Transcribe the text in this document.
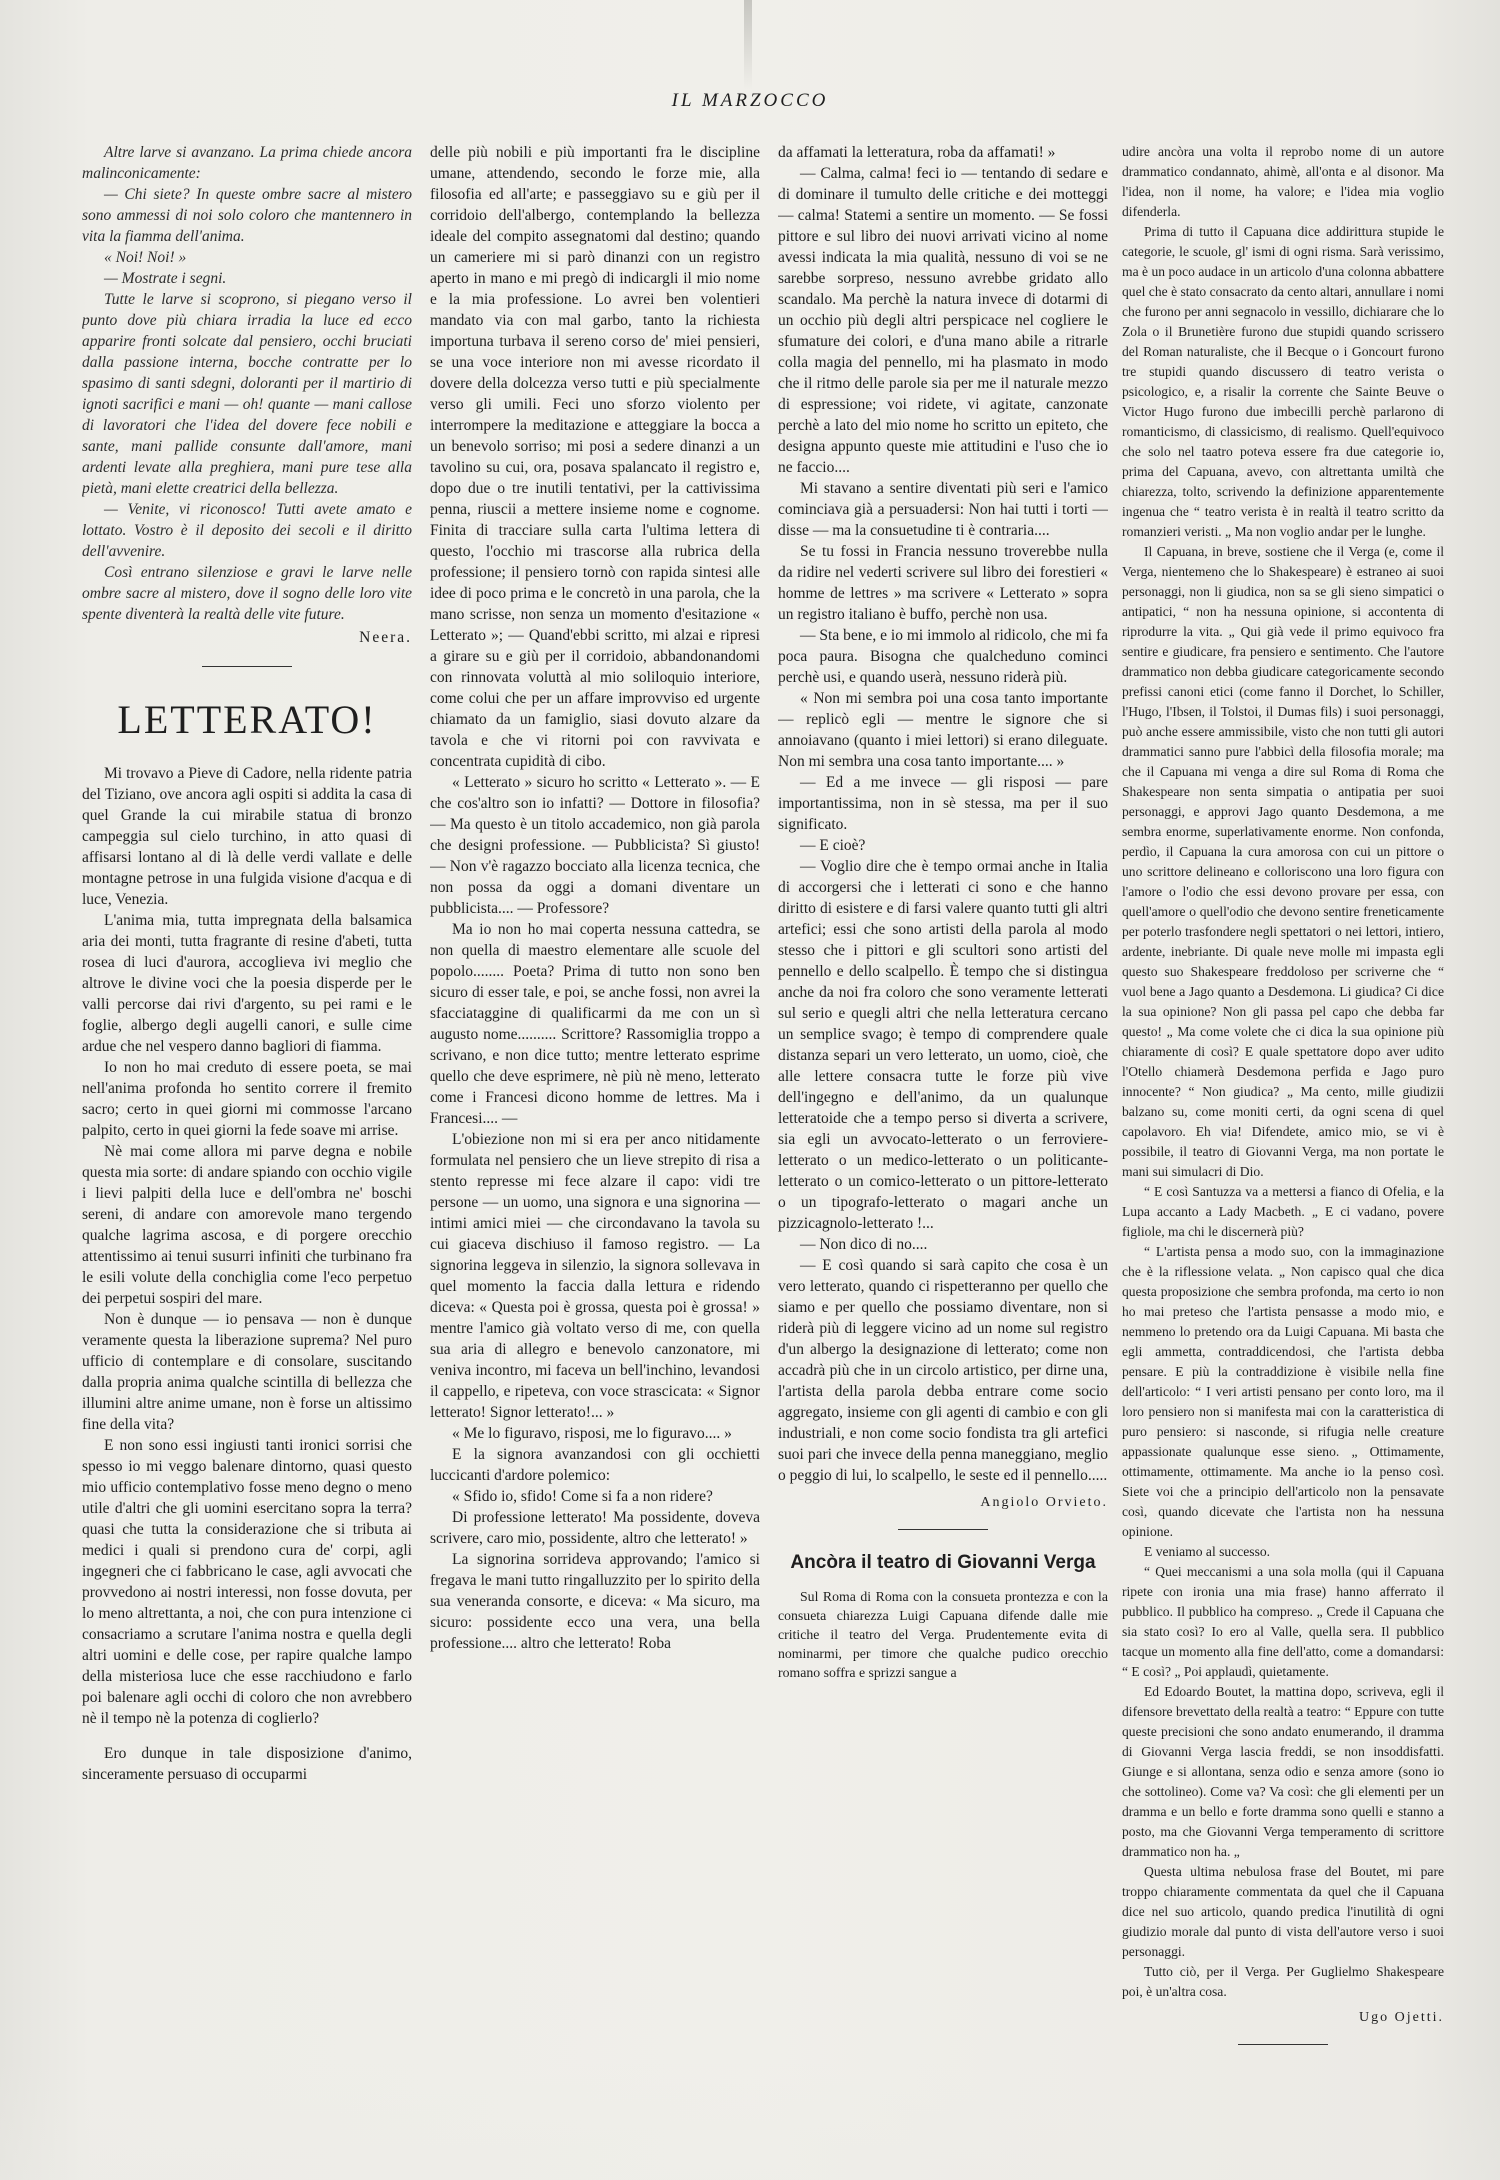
IL MARZOCCO

Altre larve si avanzano. La prima chiede ancora malinconicamente:

— Chi siete? In queste ombre sacre al mistero sono ammessi di noi solo coloro che mantennero in vita la fiamma dell'anima.

« Noi! Noi! »

— Mostrate i segni.

Tutte le larve si scoprono, si piegano verso il punto dove più chiara irradia la luce ed ecco apparire fronti solcate dal pensiero, occhi bruciati dalla passione interna, bocche contratte per lo spasimo di santi sdegni, doloranti per il martirio di ignoti sacrifici e mani — oh! quante — mani callose di lavoratori che l'idea del dovere fece nobili e sante, mani pallide consunte dall'amore, mani ardenti levate alla preghiera, mani pure tese alla pietà, mani elette creatrici della bellezza.

— Venite, vi riconosco! Tutti avete amato e lottato. Vostro è il deposito dei secoli e il diritto dell'avvenire.

Così entrano silenziose e gravi le larve nelle ombre sacre al mistero, dove il sogno delle loro vite spente diventerà la realtà delle vite future.

Neera.
LETTERATO!

Mi trovavo a Pieve di Cadore, nella ridente patria del Tiziano, ove ancora agli ospiti si addita la casa di quel Grande la cui mirabile statua di bronzo campeggia sul cielo turchino, in atto quasi di affisarsi lontano al di là delle verdi vallate e delle montagne petrose in una fulgida visione d'acqua e di luce, Venezia.

L'anima mia, tutta impregnata della balsamica aria dei monti, tutta fragrante di resine d'abeti, tutta rosea di luci d'aurora, accoglieva ivi meglio che altrove le divine voci che la poesia disperde per le valli percorse dai rivi d'argento, su pei rami e le foglie, albergo degli augelli canori, e sulle cime ardue che nel vespero danno bagliori di fiamma.

Io non ho mai creduto di essere poeta, se mai nell'anima profonda ho sentito correre il fremito sacro; certo in quei giorni mi commosse l'arcano palpito, certo in quei giorni la fede soave mi arrise.

Nè mai come allora mi parve degna e nobile questa mia sorte: di andare spiando con occhio vigile i lievi palpiti della luce e dell'ombra ne' boschi sereni, di andare con amorevole mano tergendo qualche lagrima ascosa, e di porgere orecchio attentissimo ai tenui susurri infiniti che turbinano fra le esili volute della conchiglia come l'eco perpetuo dei perpetui sospiri del mare.

Non è dunque — io pensava — non è dunque veramente questa la liberazione suprema? Nel puro ufficio di contemplare e di consolare, suscitando dalla propria anima qualche scintilla di bellezza che illumini altre anime umane, non è forse un altissimo fine della vita?

E non sono essi ingiusti tanti ironici sorrisi che spesso io mi veggo balenare dintorno, quasi questo mio ufficio contemplativo fosse meno degno o meno utile d'altri che gli uomini esercitano sopra la terra? quasi che tutta la considerazione che si tributa ai medici i quali si prendono cura de' corpi, agli ingegneri che ci fabbricano le case, agli avvocati che provvedono ai nostri interessi, non fosse dovuta, per lo meno altrettanta, a noi, che con pura intenzione ci consacriamo a scrutare l'anima nostra e quella degli altri uomini e delle cose, per rapire qualche lampo della misteriosa luce che esse racchiudono e farlo poi balenare agli occhi di coloro che non avrebbero nè il tempo nè la potenza di coglierlo?

Ero dunque in tale disposizione d'animo, sinceramente persuaso di occuparmi

delle più nobili e più importanti fra le discipline umane, attendendo, secondo le forze mie, alla filosofia ed all'arte; e passeggiavo su e giù per il corridoio dell'albergo, contemplando la bellezza ideale del compito assegnatomi dal destino; quando un cameriere mi si parò dinanzi con un registro aperto in mano e mi pregò di indicargli il mio nome e la mia professione. Lo avrei ben volentieri mandato via con mal garbo, tanto la richiesta importuna turbava il sereno corso de' miei pensieri, se una voce interiore non mi avesse ricordato il dovere della dolcezza verso tutti e più specialmente verso gli umili. Feci uno sforzo violento per interrompere la meditazione e atteggiare la bocca a un benevolo sorriso; mi posi a sedere dinanzi a un tavolino su cui, ora, posava spalancato il registro e, dopo due o tre inutili tentativi, per la cattivissima penna, riuscii a mettere insieme nome e cognome. Finita di tracciare sulla carta l'ultima lettera di questo, l'occhio mi trascorse alla rubrica della professione; il pensiero tornò con rapida sintesi alle idee di poco prima e le concretò in una parola, che la mano scrisse, non senza un momento d'esitazione « Letterato »; — Quand'ebbi scritto, mi alzai e ripresi a girare su e giù per il corridoio, abbandonandomi con rinnovata voluttà al mio soliloquio interiore, come colui che per un affare improvviso ed urgente chiamato da un famiglio, siasi dovuto alzare da tavola e che vi ritorni poi con ravvivata e concentrata cupidità di cibo.

« Letterato » sicuro ho scritto « Letterato ». — E che cos'altro son io infatti? — Dottore in filosofia? — Ma questo è un titolo accademico, non già parola che designi professione. — Pubblicista? Sì giusto! — Non v'è ragazzo bocciato alla licenza tecnica, che non possa da oggi a domani diventare un pubblicista.... — Professore?

Ma io non ho mai coperta nessuna cattedra, se non quella di maestro elementare alle scuole del popolo........ Poeta? Prima di tutto non sono ben sicuro di esser tale, e poi, se anche fossi, non avrei la sfacciataggine di qualificarmi da me con un sì augusto nome.......... Scrittore? Rassomiglia troppo a scrivano, e non dice tutto; mentre letterato esprime quello che deve esprimere, nè più nè meno, letterato come i Francesi dicono homme de lettres. Ma i Francesi.... —

L'obiezione non mi si era per anco nitidamente formulata nel pensiero che un lieve strepito di risa a stento represse mi fece alzare il capo: vidi tre persone — un uomo, una signora e una signorina — intimi amici miei — che circondavano la tavola su cui giaceva dischiuso il famoso registro. — La signorina leggeva in silenzio, la signora sollevava in quel momento la faccia dalla lettura e ridendo diceva: « Questa poi è grossa, questa poi è grossa! » mentre l'amico già voltato verso di me, con quella sua aria di allegro e benevolo canzonatore, mi veniva incontro, mi faceva un bell'inchino, levandosi il cappello, e ripeteva, con voce strascicata: « Signor letterato! Signor letterato!... »

« Me lo figuravo, risposi, me lo figuravo.... »

E la signora avanzandosi con gli occhietti luccicanti d'ardore polemico:

« Sfido io, sfido! Come si fa a non ridere?

Di professione letterato! Ma possidente, doveva scrivere, caro mio, possidente, altro che letterato! »

La signorina sorrideva approvando; l'amico si fregava le mani tutto ringalluzzito per lo spirito della sua veneranda consorte, e diceva: « Ma sicuro, ma sicuro: possidente ecco una vera, una bella professione.... altro che letterato! Roba

da affamati la letteratura, roba da affamati! »

— Calma, calma! feci io — tentando di sedare e di dominare il tumulto delle critiche e dei motteggi — calma! Statemi a sentire un momento. — Se fossi pittore e sul libro dei nuovi arrivati vicino al nome avessi indicata la mia qualità, nessuno di voi se ne sarebbe sorpreso, nessuno avrebbe gridato allo scandalo. Ma perchè la natura invece di dotarmi di un occhio più degli altri perspicace nel cogliere le sfumature dei colori, e d'una mano abile a ritrarle colla magia del pennello, mi ha plasmato in modo che il ritmo delle parole sia per me il naturale mezzo di espressione; voi ridete, vi agitate, canzonate perchè a lato del mio nome ho scritto un epiteto, che designa appunto queste mie attitudini e l'uso che io ne faccio....

Mi stavano a sentire diventati più seri e l'amico cominciava già a persuadersi: Non hai tutti i torti — disse — ma la consuetudine ti è contraria....

Se tu fossi in Francia nessuno troverebbe nulla da ridire nel vederti scrivere sul libro dei forestieri « homme de lettres » ma scrivere « Letterato » sopra un registro italiano è buffo, perchè non usa.

— Sta bene, e io mi immolo al ridicolo, che mi fa poca paura. Bisogna che qualcheduno cominci perchè usi, e quando userà, nessuno riderà più.

« Non mi sembra poi una cosa tanto importante — replicò egli — mentre le signore che si annoiavano (quanto i miei lettori) si erano dileguate. Non mi sembra una cosa tanto importante.... »

— Ed a me invece — gli risposi — pare importantissima, non in sè stessa, ma per il suo significato.

— E cioè?

— Voglio dire che è tempo ormai anche in Italia di accorgersi che i letterati ci sono e che hanno diritto di esistere e di farsi valere quanto tutti gli altri artefici; essi che sono artisti della parola al modo stesso che i pittori e gli scultori sono artisti del pennello e dello scalpello. È tempo che si distingua anche da noi fra coloro che sono veramente letterati sul serio e quegli altri che nella letteratura cercano un semplice svago; è tempo di comprendere quale distanza separi un vero letterato, un uomo, cioè, che alle lettere consacra tutte le forze più vive dell'ingegno e dell'animo, da un qualunque letteratoide che a tempo perso si diverta a scrivere, sia egli un avvocato-letterato o un ferroviere-letterato o un medico-letterato o un politicante-letterato o un comico-letterato o un pittore-letterato o un tipografo-letterato o magari anche un pizzicagnolo-letterato !...

— Non dico di no....

— E così quando si sarà capito che cosa è un vero letterato, quando ci rispetteranno per quello che siamo e per quello che possiamo diventare, non si riderà più di leggere vicino ad un nome sul registro d'un albergo la designazione di letterato; come non accadrà più che in un circolo artistico, per dirne una, l'artista della parola debba entrare come socio aggregato, insieme con gli agenti di cambio e con gli industriali, e non come socio fondista tra gli artefici suoi pari che invece della penna maneggiano, meglio o peggio di lui, lo scalpello, le seste ed il pennello.....

Angiolo Orvieto.
Ancòra il teatro di Giovanni Verga

Sul Roma di Roma con la consueta prontezza e con la consueta chiarezza Luigi Capuana difende dalle mie critiche il teatro del Verga. Prudentemente evita di nominarmi, per timore che qualche pudico orecchio romano soffra e sprizzi sangue a

udire ancòra una volta il reprobo nome di un autore drammatico condannato, ahimè, all'onta e al disonor. Ma l'idea, non il nome, ha valore; e l'idea mia voglio difenderla.

Prima di tutto il Capuana dice addirittura stupide le categorie, le scuole, gl' ismi di ogni risma. Sarà verissimo, ma è un poco audace in un articolo d'una colonna abbattere quel che è stato consacrato da cento altari, annullare i nomi che furono per anni segnacolo in vessillo, dichiarare che lo Zola o il Brunetière furono due stupidi quando scrissero del Roman naturaliste, che il Becque o i Goncourt furono tre stupidi quando discussero di teatro verista o psicologico, e, a risalir la corrente che Sainte Beuve o Victor Hugo furono due imbecilli perchè parlarono di romanticismo, di classicismo, di realismo. Quell'equivoco che solo nel taatro poteva essere fra due categorie io, prima del Capuana, avevo, con altrettanta umiltà che chiarezza, tolto, scrivendo la definizione apparentemente ingenua che “ teatro verista è in realtà il teatro scritto da romanzieri veristi. „ Ma non voglio andar per le lunghe.

Il Capuana, in breve, sostiene che il Verga (e, come il Verga, nientemeno che lo Shakespeare) è estraneo ai suoi personaggi, non li giudica, non sa se gli sieno simpatici o antipatici, “ non ha nessuna opinione, si accontenta di riprodurre la vita. „ Qui già vede il primo equivoco fra sentire e giudicare, fra pensiero e sentimento. Che l'autore drammatico non debba giudicare categoricamente secondo prefissi canoni etici (come fanno il Dorchet, lo Schiller, l'Hugo, l'Ibsen, il Tolstoi, il Dumas fils) i suoi personaggi, può anche essere ammissibile, visto che non tutti gli autori drammatici sanno pure l'abbicì della filosofia morale; ma che il Capuana mi venga a dire sul Roma di Roma che Shakespeare non senta simpatia o antipatia per suoi personaggi, e approvi Jago quanto Desdemona, a me sembra enorme, superlativamente enorme. Non confonda, perdìo, il Capuana la cura amorosa con cui un pittore o uno scrittore delineano e colloriscono una loro figura con l'amore o l'odio che essi devono provare per essa, con quell'amore o quell'odio che devono sentire freneticamente per poterlo trasfondere negli spettatori o nei lettori, intiero, ardente, inebriante. Di quale neve molle mi impasta egli questo suo Shakespeare freddoloso per scriverne che “ vuol bene a Jago quanto a Desdemona. Li giudica? Ci dice la sua opinione? Non gli passa pel capo che debba far questo! „ Ma come volete che ci dica la sua opinione più chiaramente di così? E quale spettatore dopo aver udito l'Otello chiamerà Desdemona perfida e Jago puro innocente? “ Non giudica? „ Ma cento, mille giudizii balzano su, come moniti certi, da ogni scena di quel capolavoro. Eh via! Difendete, amico mio, se vi è possibile, il teatro di Giovanni Verga, ma non portate le mani sui simulacri di Dio.

“ E così Santuzza va a mettersi a fianco di Ofelia, e la Lupa accanto a Lady Macbeth. „ E ci vadano, povere figliole, ma chi le discernerà più?

“ L'artista pensa a modo suo, con la immaginazione che è la riflessione velata. „ Non capisco qual che dica questa proposizione che sembra profonda, ma certo io non ho mai preteso che l'artista pensasse a modo mio, e nemmeno lo pretendo ora da Luigi Capuana. Mi basta che egli ammetta, contraddicendosi, che l'artista debba pensare. E più la contraddizione è visibile nella fine dell'articolo: “ I veri artisti pensano per conto loro, ma il loro pensiero non si manifesta mai con la caratteristica di puro pensiero: si nasconde, si rifugia nelle creature appassionate qualunque esse sieno. „ Ottimamente, ottimamente, ottimamente. Ma anche io la penso così. Siete voi che a principio dell'articolo non la pensavate così, quando dicevate che l'artista non ha nessuna opinione.

E veniamo al successo.

“ Quei meccanismi a una sola molla (qui il Capuana ripete con ironia una mia frase) hanno afferrato il pubblico. Il pubblico ha compreso. „ Crede il Capuana che sia stato così? Io ero al Valle, quella sera. Il pubblico tacque un momento alla fine dell'atto, come a domandarsi: “ E così? „ Poi applaudì, quietamente.

Ed Edoardo Boutet, la mattina dopo, scriveva, egli il difensore brevettato della realtà a teatro: “ Eppure con tutte queste precisioni che sono andato enumerando, il dramma di Giovanni Verga lascia freddi, se non insoddisfatti. Giunge e si allontana, senza odio e senza amore (sono io che sottolineo). Come va? Va così: che gli elementi per un dramma e un bello e forte dramma sono quelli e stanno a posto, ma che Giovanni Verga temperamento di scrittore drammatico non ha. „

Questa ultima nebulosa frase del Boutet, mi pare troppo chiaramente commentata da quel che il Capuana dice nel suo articolo, quando predica l'inutilità di ogni giudizio morale dal punto di vista dell'autore verso i suoi personaggi.

Tutto ciò, per il Verga. Per Guglielmo Shakespeare poi, è un'altra cosa.

Ugo Ojetti.
